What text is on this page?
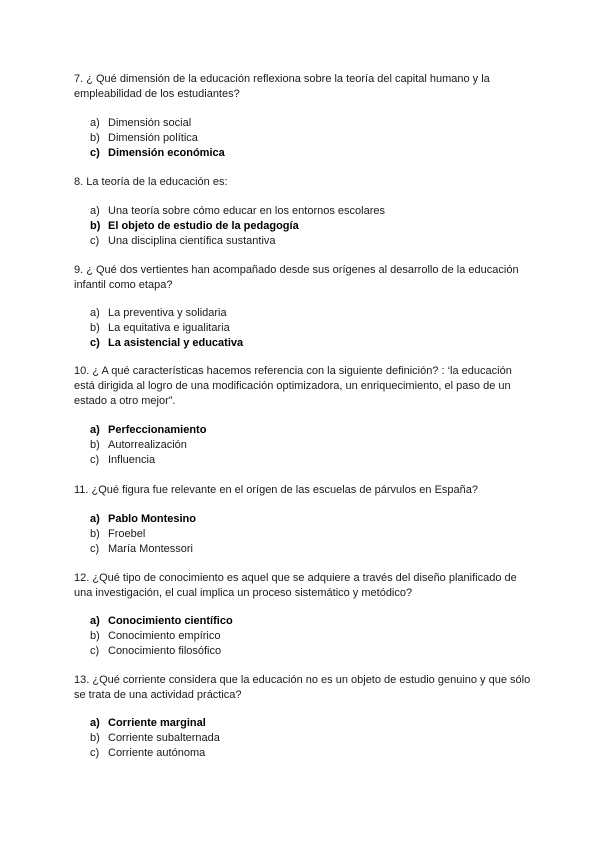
7. ¿ Qué dimensión de la educación reflexiona sobre la teoría del capital humano y la empleabilidad de los estudiantes?

a) Dimensión social
b) Dimensión política
c) Dimensión económica

8. La teoría de la educación es:

a) Una teoría sobre cómo educar en los entornos escolares
b) El objeto de estudio de la pedagogía
c) Una disciplina científica sustantiva

9. ¿ Qué dos vertientes han acompañado desde sus orígenes al desarrollo de la educación infantil como etapa?

a) La preventiva y solidaria
b) La equitativa e igualitaria
c) La asistencial y educativa

10. ¿ A qué características hacemos referencia con la siguiente definición? : ‘la educación está dirigida al logro de una modificación optimizadora, un enriquecimiento, el paso de un estado a otro mejor”.

a) Perfeccionamiento
b) Autorrealización
c) Influencia

11. ¿Qué figura fue relevante en el orígen de las escuelas de párvulos en España?

a) Pablo Montesino
b) Froebel
c) María Montessori

12. ¿Qué tipo de conocimiento es aquel que se adquiere a través del diseño planificado de una investigación, el cual implica un proceso sistemático y metódico?

a) Conocimiento científico
b) Conocimiento empírico
c) Conocimiento filosófico

13. ¿Qué corriente considera que la educación no es un objeto de estudio genuino y que sólo se trata de una actividad práctica?

a) Corriente marginal
b) Corriente subalternada
c) Corriente autónoma
